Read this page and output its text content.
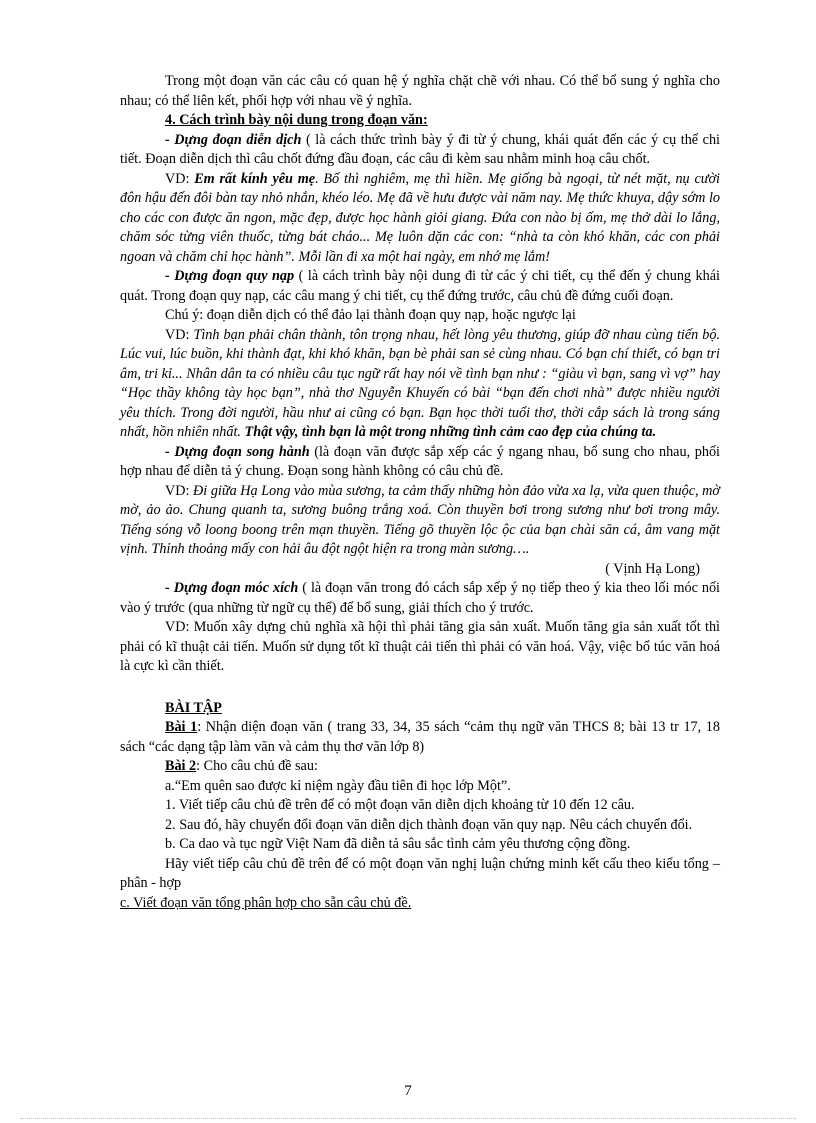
Trong một đoạn văn các câu có quan hệ ý nghĩa chặt chẽ với nhau. Có thể bổ sung ý nghĩa cho nhau; có thể liên kết, phối hợp với nhau về ý nghĩa.

4. Cách trình bày nội dung trong đoạn văn:

- Dựng đoạn diễn dịch ( là cách thức trình bày ý đi từ ý chung, khái quát đến các ý cụ thể chi tiết. Đoạn diễn dịch thì câu chốt đứng đầu đoạn, các câu đi kèm sau nhằm minh hoạ câu chốt.

VD: Em rất kính yêu mẹ. Bố thì nghiêm, mẹ thì hiền. Mẹ giống bà ngoại, từ nét mặt, nụ cười đôn hậu đến đôi bàn tay nhỏ nhắn, khéo léo. Mẹ đã về hưu được vài năm nay. Mẹ thức khuya, dậy sớm lo cho các con được ăn ngon, mặc đẹp, được học hành giỏi giang. Đứa con nào bị ốm, mẹ thở dài lo lắng, chăm sóc từng viên thuốc, từng bát cháo... Mẹ luôn dặn các con: “nhà ta còn khó khăn, các con phải ngoan và chăm chỉ học hành”. Mỗi lần đi xa một hai ngày, em nhớ mẹ lắm!

- Dựng đoạn quy nạp ( là cách trình bày nội dung đi từ các ý chi tiết, cụ thể đến ý chung khái quát. Trong đoạn quy nạp, các câu mang ý chi tiết, cụ thể đứng trước, câu chủ đề đứng cuối đoạn.

Chú ý: đoạn diễn dịch có thể đảo lại thành đoạn quy nạp, hoặc ngược lại

VD: Tình bạn phải chân thành, tôn trọng nhau, hết lòng yêu thương, giúp đỡ nhau cùng tiến bộ. Lúc vui, lúc buồn, khi thành đạt, khi khó khăn, bạn bè phải san sẻ cùng nhau. Có bạn chí thiết, có bạn tri âm, tri kỉ... Nhân dân ta có nhiều câu tục ngữ rất hay nói về tình bạn như : “giàu vì bạn, sang vì vợ” hay “Học thầy không tày học bạn”, nhà thơ Nguyễn Khuyến có bài “bạn đến chơi nhà” được nhiều người yêu thích. Trong đời người, hầu như ai cũng có bạn. Bạn học thời tuổi thơ, thời cắp sách là trong sáng nhất, hồn nhiên nhất. Thật vậy, tình bạn là một trong những tình cảm cao đẹp của chúng ta.

- Dựng đoạn song hành (là đoạn văn được sắp xếp các ý ngang nhau, bổ sung cho nhau, phối hợp nhau để diễn tả ý chung. Đoạn song hành không có câu chủ đề.

VD: Đi giữa Hạ Long vào mùa sương, ta cảm thấy những hòn đảo vừa xa lạ, vừa quen thuộc, mờ mờ, ảo ảo. Chung quanh ta, sương buông trắng xoá. Còn thuyền bơi trong sương như bơi trong mây. Tiếng sóng vỗ loong boong trên mạn thuyền. Tiếng gõ thuyền lộc ộc của bạn chài săn cá, âm vang mặt vịnh. Thỉnh thoảng mấy con hải âu đột ngột hiện ra trong màn sương….

( Vịnh Hạ Long)

- Dựng đoạn móc xích ( là đoạn văn trong đó cách sắp xếp ý nọ tiếp theo ý kia theo lối móc nối vào ý trước (qua những từ ngữ cụ thể) để bổ sung, giải thích cho ý trước.

VD: Muốn xây dựng chủ nghĩa xã hội thì phải tăng gia sản xuất. Muốn tăng gia sản xuất tốt thì phải có kĩ thuật cải tiến. Muốn sử dụng tốt kĩ thuật cải tiến thì phải có văn hoá. Vậy, việc bổ túc văn hoá là cực kì cần thiết.

BÀI TẬP

Bài 1: Nhận diện đoạn văn ( trang 33, 34, 35 sách “cảm thụ ngữ văn THCS 8; bài 13 tr 17, 18 sách “các dạng tập làm văn và cảm thụ thơ văn lớp 8)

Bài 2: Cho câu chủ đề sau:

a.“Em quên sao được kỉ niệm ngày đầu tiên đi học lớp Một”.

1. Viết tiếp câu chủ đề trên để có một đoạn văn diễn dịch khoảng từ 10 đến 12 câu.

2. Sau đó, hãy chuyển đổi đoạn văn diễn dịch thành đoạn văn quy nạp. Nêu cách chuyển đổi.

b. Ca dao và tục ngữ Việt Nam đã diễn tả sâu sắc tình cảm yêu thương cộng đồng.

Hãy viết tiếp câu chủ đề trên để có một đoạn văn nghị luận chứng minh kết cấu theo kiểu tổng – phân - hợp

c. Viết đoạn văn tổng phân hợp cho sẵn câu chủ đề.

7
